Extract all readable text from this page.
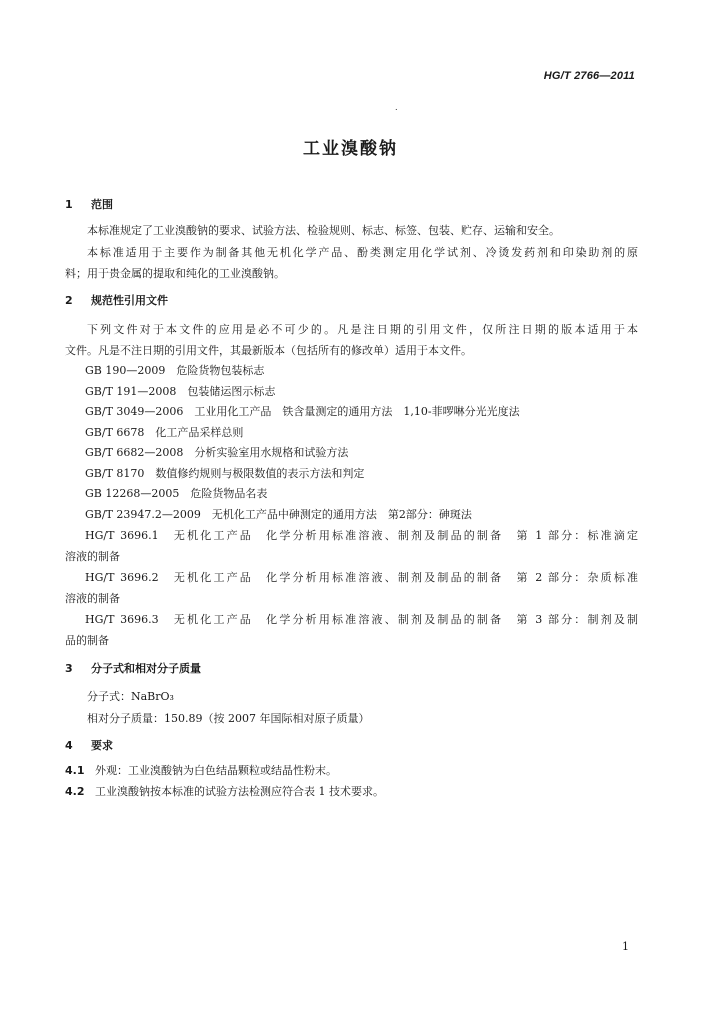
HG/T 2766—2011
.
工业溴酸钠
1 范围
本标准规定了工业溴酸钠的要求、试验方法、检验规则、标志、标签、包装、贮存、运输和安全。
本标准适用于主要作为制备其他无机化学产品、酚类测定用化学试剂、冷烫发药剂和印染助剂的原
料；用于贵金属的提取和纯化的工业溴酸钠。
2 规范性引用文件
下列文件对于本文件的应用是必不可少的。凡是注日期的引用文件，仅所注日期的版本适用于本
文件。凡是不注日期的引用文件，其最新版本（包括所有的修改单）适用于本文件。
GB 190—2009　危险货物包装标志
GB/T 191—2008　包装储运图示标志
GB/T 3049—2006　工业用化工产品　铁含量测定的通用方法　1,10-菲啰啉分光光度法
GB/T 6678　化工产品采样总则
GB/T 6682—2008　分析实验室用水规格和试验方法
GB/T 8170　数值修约规则与极限数值的表示方法和判定
GB 12268—2005　危险货物品名表
GB/T 23947.2—2009　无机化工产品中砷测定的通用方法　第2部分：砷斑法
HG/T 3696.1　无机化工产品　化学分析用标准溶液、制剂及制品的制备　第 1 部分：标准滴定
溶液的制备
HG/T 3696.2　无机化工产品　化学分析用标准溶液、制剂及制品的制备　第 2 部分：杂质标准
溶液的制备
HG/T 3696.3　无机化工产品　化学分析用标准溶液、制剂及制品的制备　第 3 部分：制剂及制
品的制备
3 分子式和相对分子质量
分子式：NaBrO₃
相对分子质量：150.89（按 2007 年国际相对原子质量）
4 要求
4.1 外观：工业溴酸钠为白色结晶颗粒或结晶性粉末。
4.2 工业溴酸钠按本标准的试验方法检测应符合表 1 技术要求。
1
